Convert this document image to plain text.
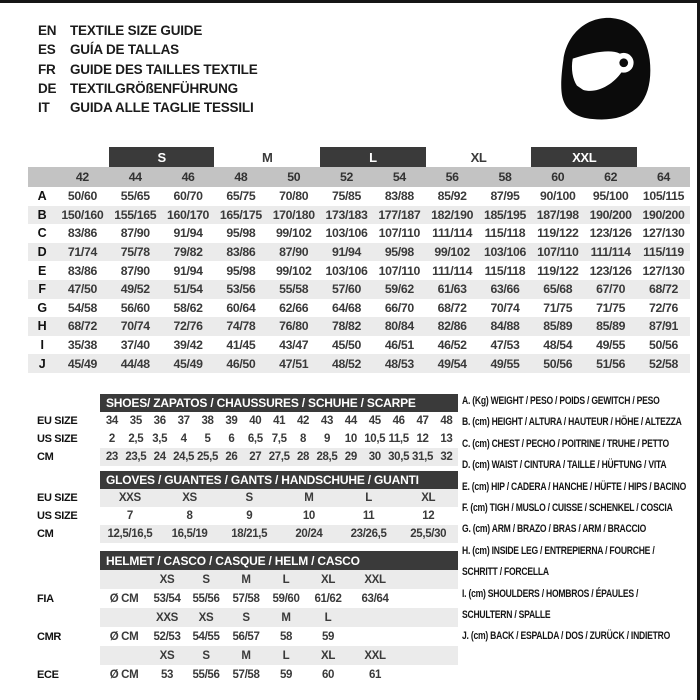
EN	TEXTILE SIZE GUIDE
ES	GUÍA DE TALLAS
FR	GUIDE DES TAILLES TEXTILE
DE	TEXTILGRÖßENFÜHRUNG
IT	GUIDA ALLE TAGLIE TESSILI
		S		M		L		XL		XXL		
	42	44	46	48	50	52	54	56	58	60	62	64
A	50/60	55/65	60/70	65/75	70/80	75/85	83/88	85/92	87/95	90/100	95/100	105/115
B	150/160	155/165	160/170	165/175	170/180	173/183	177/187	182/190	185/195	187/198	190/200	190/200
C	83/86	87/90	91/94	95/98	99/102	103/106	107/110	111/114	115/118	119/122	123/126	127/130
D	71/74	75/78	79/82	83/86	87/90	91/94	95/98	99/102	103/106	107/110	111/114	115/119
E	83/86	87/90	91/94	95/98	99/102	103/106	107/110	111/114	115/118	119/122	123/126	127/130
F	47/50	49/52	51/54	53/56	55/58	57/60	59/62	61/63	63/66	65/68	67/70	68/72
G	54/58	56/60	58/62	60/64	62/66	64/68	66/70	68/72	70/74	71/75	71/75	72/76
H	68/72	70/74	72/76	74/78	76/80	78/82	80/84	82/86	84/88	85/89	85/89	87/91
I	35/38	37/40	39/42	41/45	43/47	45/50	46/51	46/52	47/53	48/54	49/55	50/56
J	45/49	44/48	45/49	46/50	47/51	48/52	48/53	49/54	49/55	50/56	51/56	52/58
	SHOES/ ZAPATOS / CHAUSSURES / SCHUHE / SCARPE														
EU SIZE	34	35	36	37	38	39	40	41	42	43	44	45	46	47	48
US SIZE	2	2,5	3,5	4	5	6	6,5	7,5	8	9	10	10,5	11,5	12	13
CM	23	23,5	24	24,5	25,5	26	27	27,5	28	28,5	29	30	30,5	31,5	32
	GLOVES / GUANTES / GANTS / HANDSCHUHE / GUANTI					
EU SIZE	XXS	XS	S	M	L	XL
US SIZE	7	8	9	10	11	12
CM	12,5/16,5	16,5/19	18/21,5	20/24	23/26,5	25,5/30
	HELMET / CASCO / CASQUE / HELM / CASCO							
		XS	S	M	L	XL	XXL	
FIA	Ø CM	53/54	55/56	57/58	59/60	61/62	63/64	
		XXS	XS	S	M	L		
CMR	Ø CM	52/53	54/55	56/57	58	59		
		XS	S	M	L	XL	XXL	
ECE	Ø CM	53	55/56	57/58	59	60	61	
A. (Kg) WEIGHT / PESO / POIDS / GEWITCH / PESO
B. (cm) HEIGHT / ALTURA / HAUTEUR / HÖHE / ALTEZZA
C. (cm) CHEST / PECHO / POITRINE / TRUHE / PETTO
D. (cm) WAIST / CINTURA / TAILLE / HÜFTUNG / VITA
E. (cm) HIP / CADERA / HANCHE / HÜFTE / HIPS / BACINO
F. (cm) TIGH / MUSLO / CUISSE / SCHENKEL / COSCIA
G. (cm) ARM / BRAZO / BRAS / ARM / BRACCIO
H. (cm) INSIDE LEG / ENTREPIERNA / FOURCHE /
SCHRITT / FORCELLA
I. (cm) SHOULDERS / HOMBROS / ÉPAULES /
SCHULTERN / SPALLE
J. (cm) BACK / ESPALDA / DOS / ZURÜCK / INDIETRO
